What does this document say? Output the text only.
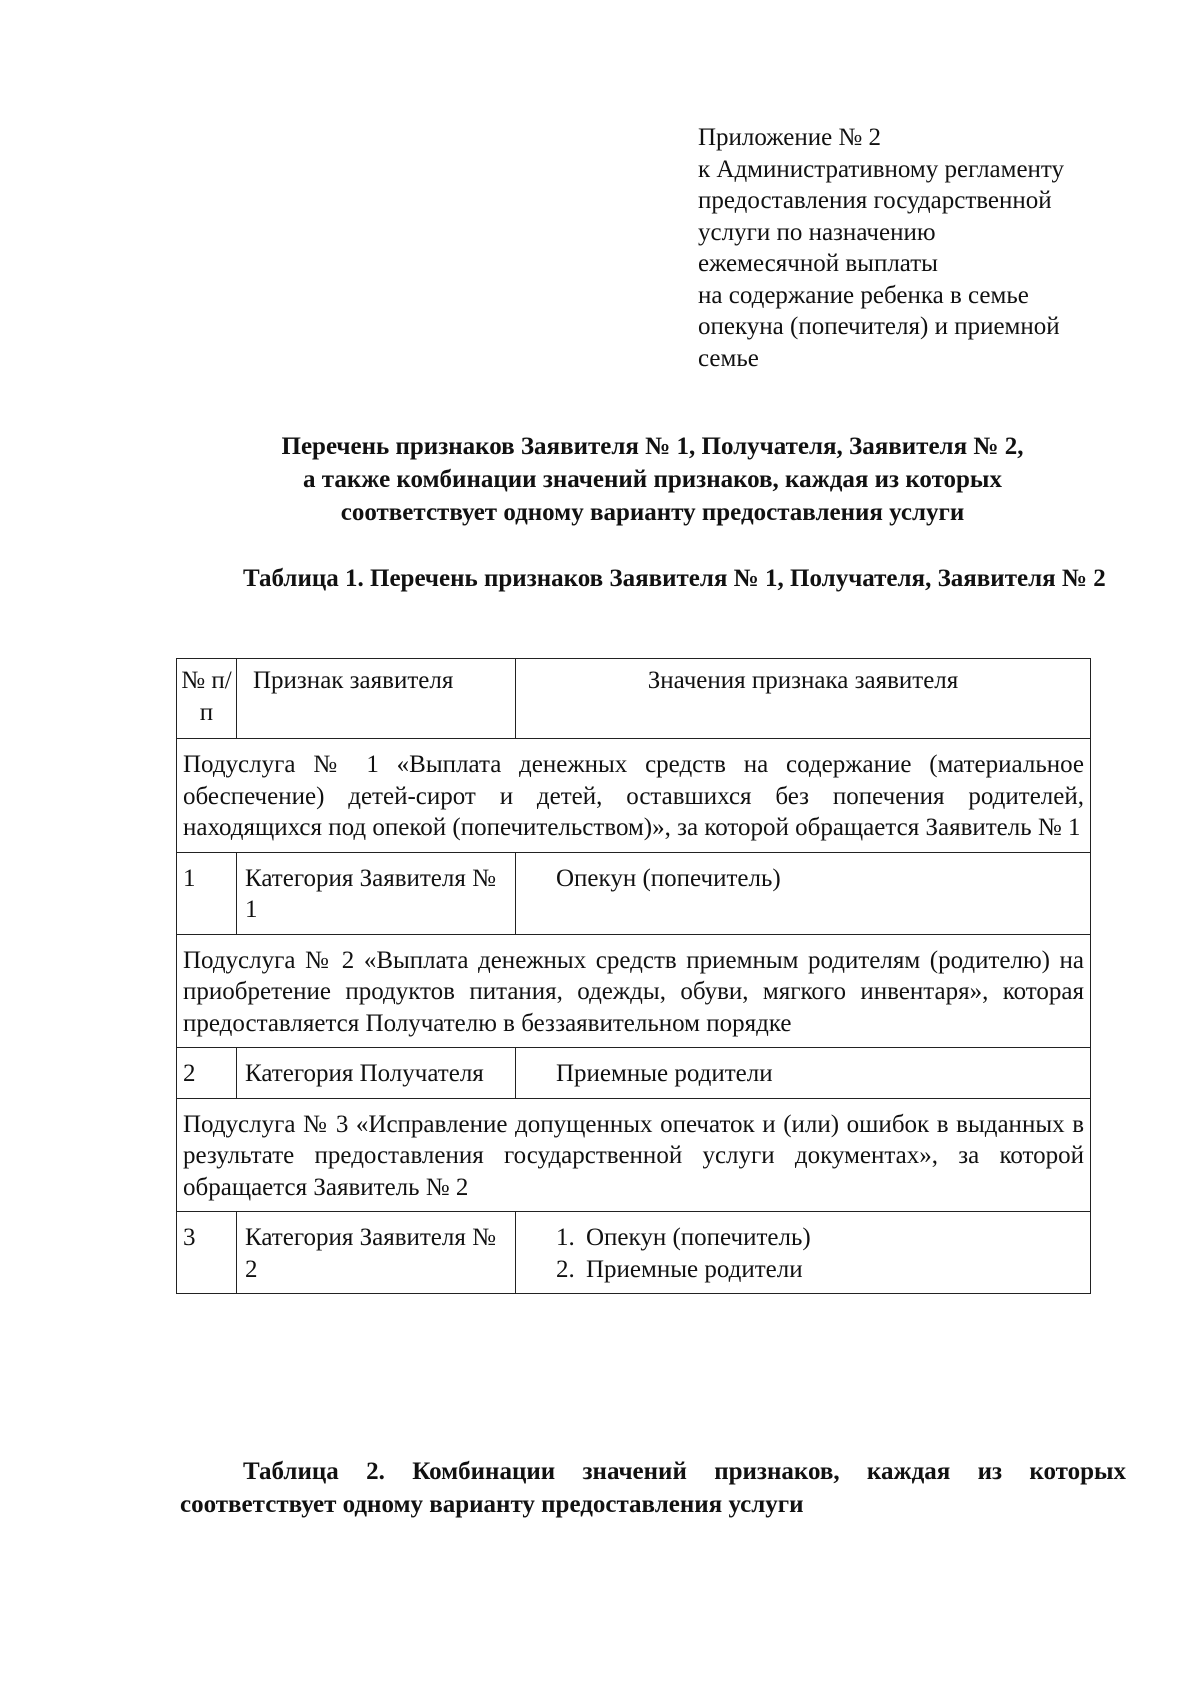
Приложение № 2
к Административному регламенту
предоставления государственной
услуги по назначению
ежемесячной выплаты
на содержание ребенка в семье
опекуна (попечителя) и приемной
семье
Перечень признаков Заявителя № 1, Получателя, Заявителя № 2,
а также комбинации значений признаков, каждая из которых
соответствует одному варианту предоставления услуги
Таблица 1. Перечень признаков Заявителя № 1, Получателя, Заявителя № 2
№ п/п	Признак заявителя	Значения признака заявителя
Подуслуга № 1 «Выплата денежных средств на содержание (материальное обеспечение) детей-сирот и детей, оставшихся без попечения родителей, находящихся под опекой (попечительством)», за которой обращается Заявитель № 1		
1	Категория Заявителя № 1	Опекун (попечитель)
Подуслуга № 2 «Выплата денежных средств приемным родителям (родителю) на приобретение продуктов питания, одежды, обуви, мягкого инвентаря», которая предоставляется Получателю в беззаявительном порядке		
2	Категория Получателя	Приемные родители
Подуслуга № 3 «Исправление допущенных опечаток и (или) ошибок в выданных в результате предоставления государственной услуги документах», за которой обращается Заявитель № 2		
3	Категория Заявителя № 2	1. Опекун (попечитель)
2. Приемные родители
Таблица 2. Комбинации значений признаков, каждая из которых соответствует одному варианту предоставления услуги
